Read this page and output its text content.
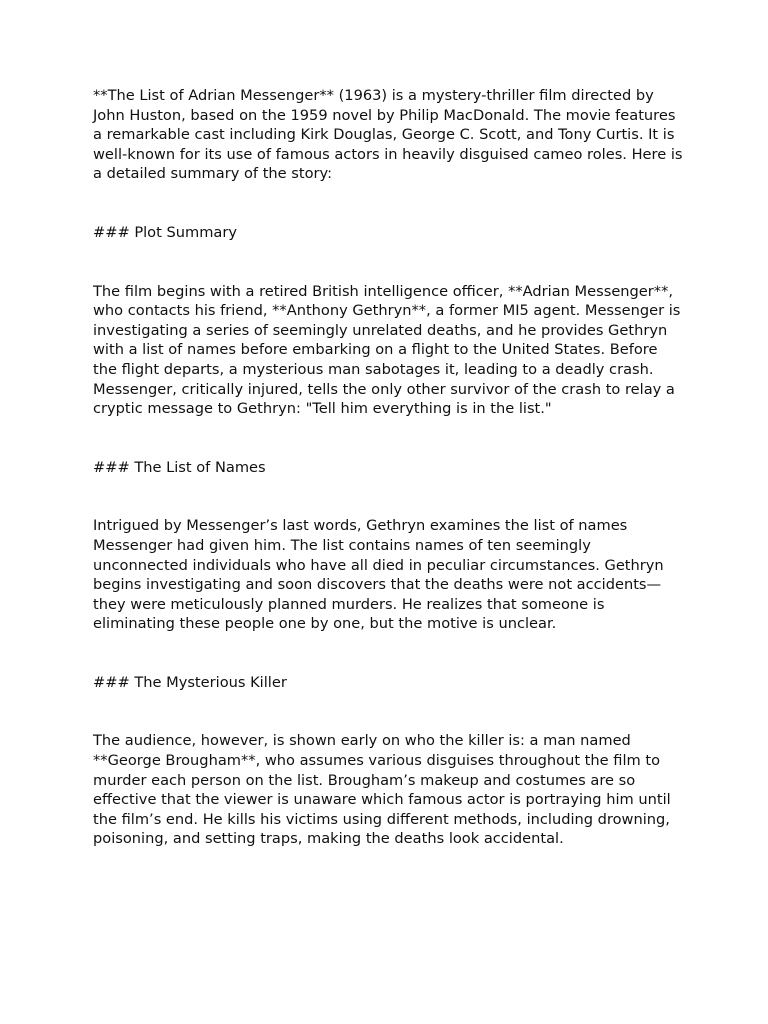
**The List of Adrian Messenger** (1963) is a mystery-thriller film directed by John Huston, based on the 1959 novel by Philip MacDonald. The movie features a remarkable cast including Kirk Douglas, George C. Scott, and Tony Curtis. It is well-known for its use of famous actors in heavily disguised cameo roles. Here is a detailed summary of the story:

### Plot Summary

The film begins with a retired British intelligence officer, **Adrian Messenger**, who contacts his friend, **Anthony Gethryn**, a former MI5 agent. Messenger is investigating a series of seemingly unrelated deaths, and he provides Gethryn with a list of names before embarking on a flight to the United States. Before the flight departs, a mysterious man sabotages it, leading to a deadly crash. Messenger, critically injured, tells the only other survivor of the crash to relay a cryptic message to Gethryn: "Tell him everything is in the list."

### The List of Names

Intrigued by Messenger’s last words, Gethryn examines the list of names Messenger had given him. The list contains names of ten seemingly unconnected individuals who have all died in peculiar circumstances. Gethryn begins investigating and soon discovers that the deaths were not accidents—they were meticulously planned murders. He realizes that someone is eliminating these people one by one, but the motive is unclear.

### The Mysterious Killer

The audience, however, is shown early on who the killer is: a man named **George Brougham**, who assumes various disguises throughout the film to murder each person on the list. Brougham’s makeup and costumes are so effective that the viewer is unaware which famous actor is portraying him until the film’s end. He kills his victims using different methods, including drowning, poisoning, and setting traps, making the deaths look accidental.
